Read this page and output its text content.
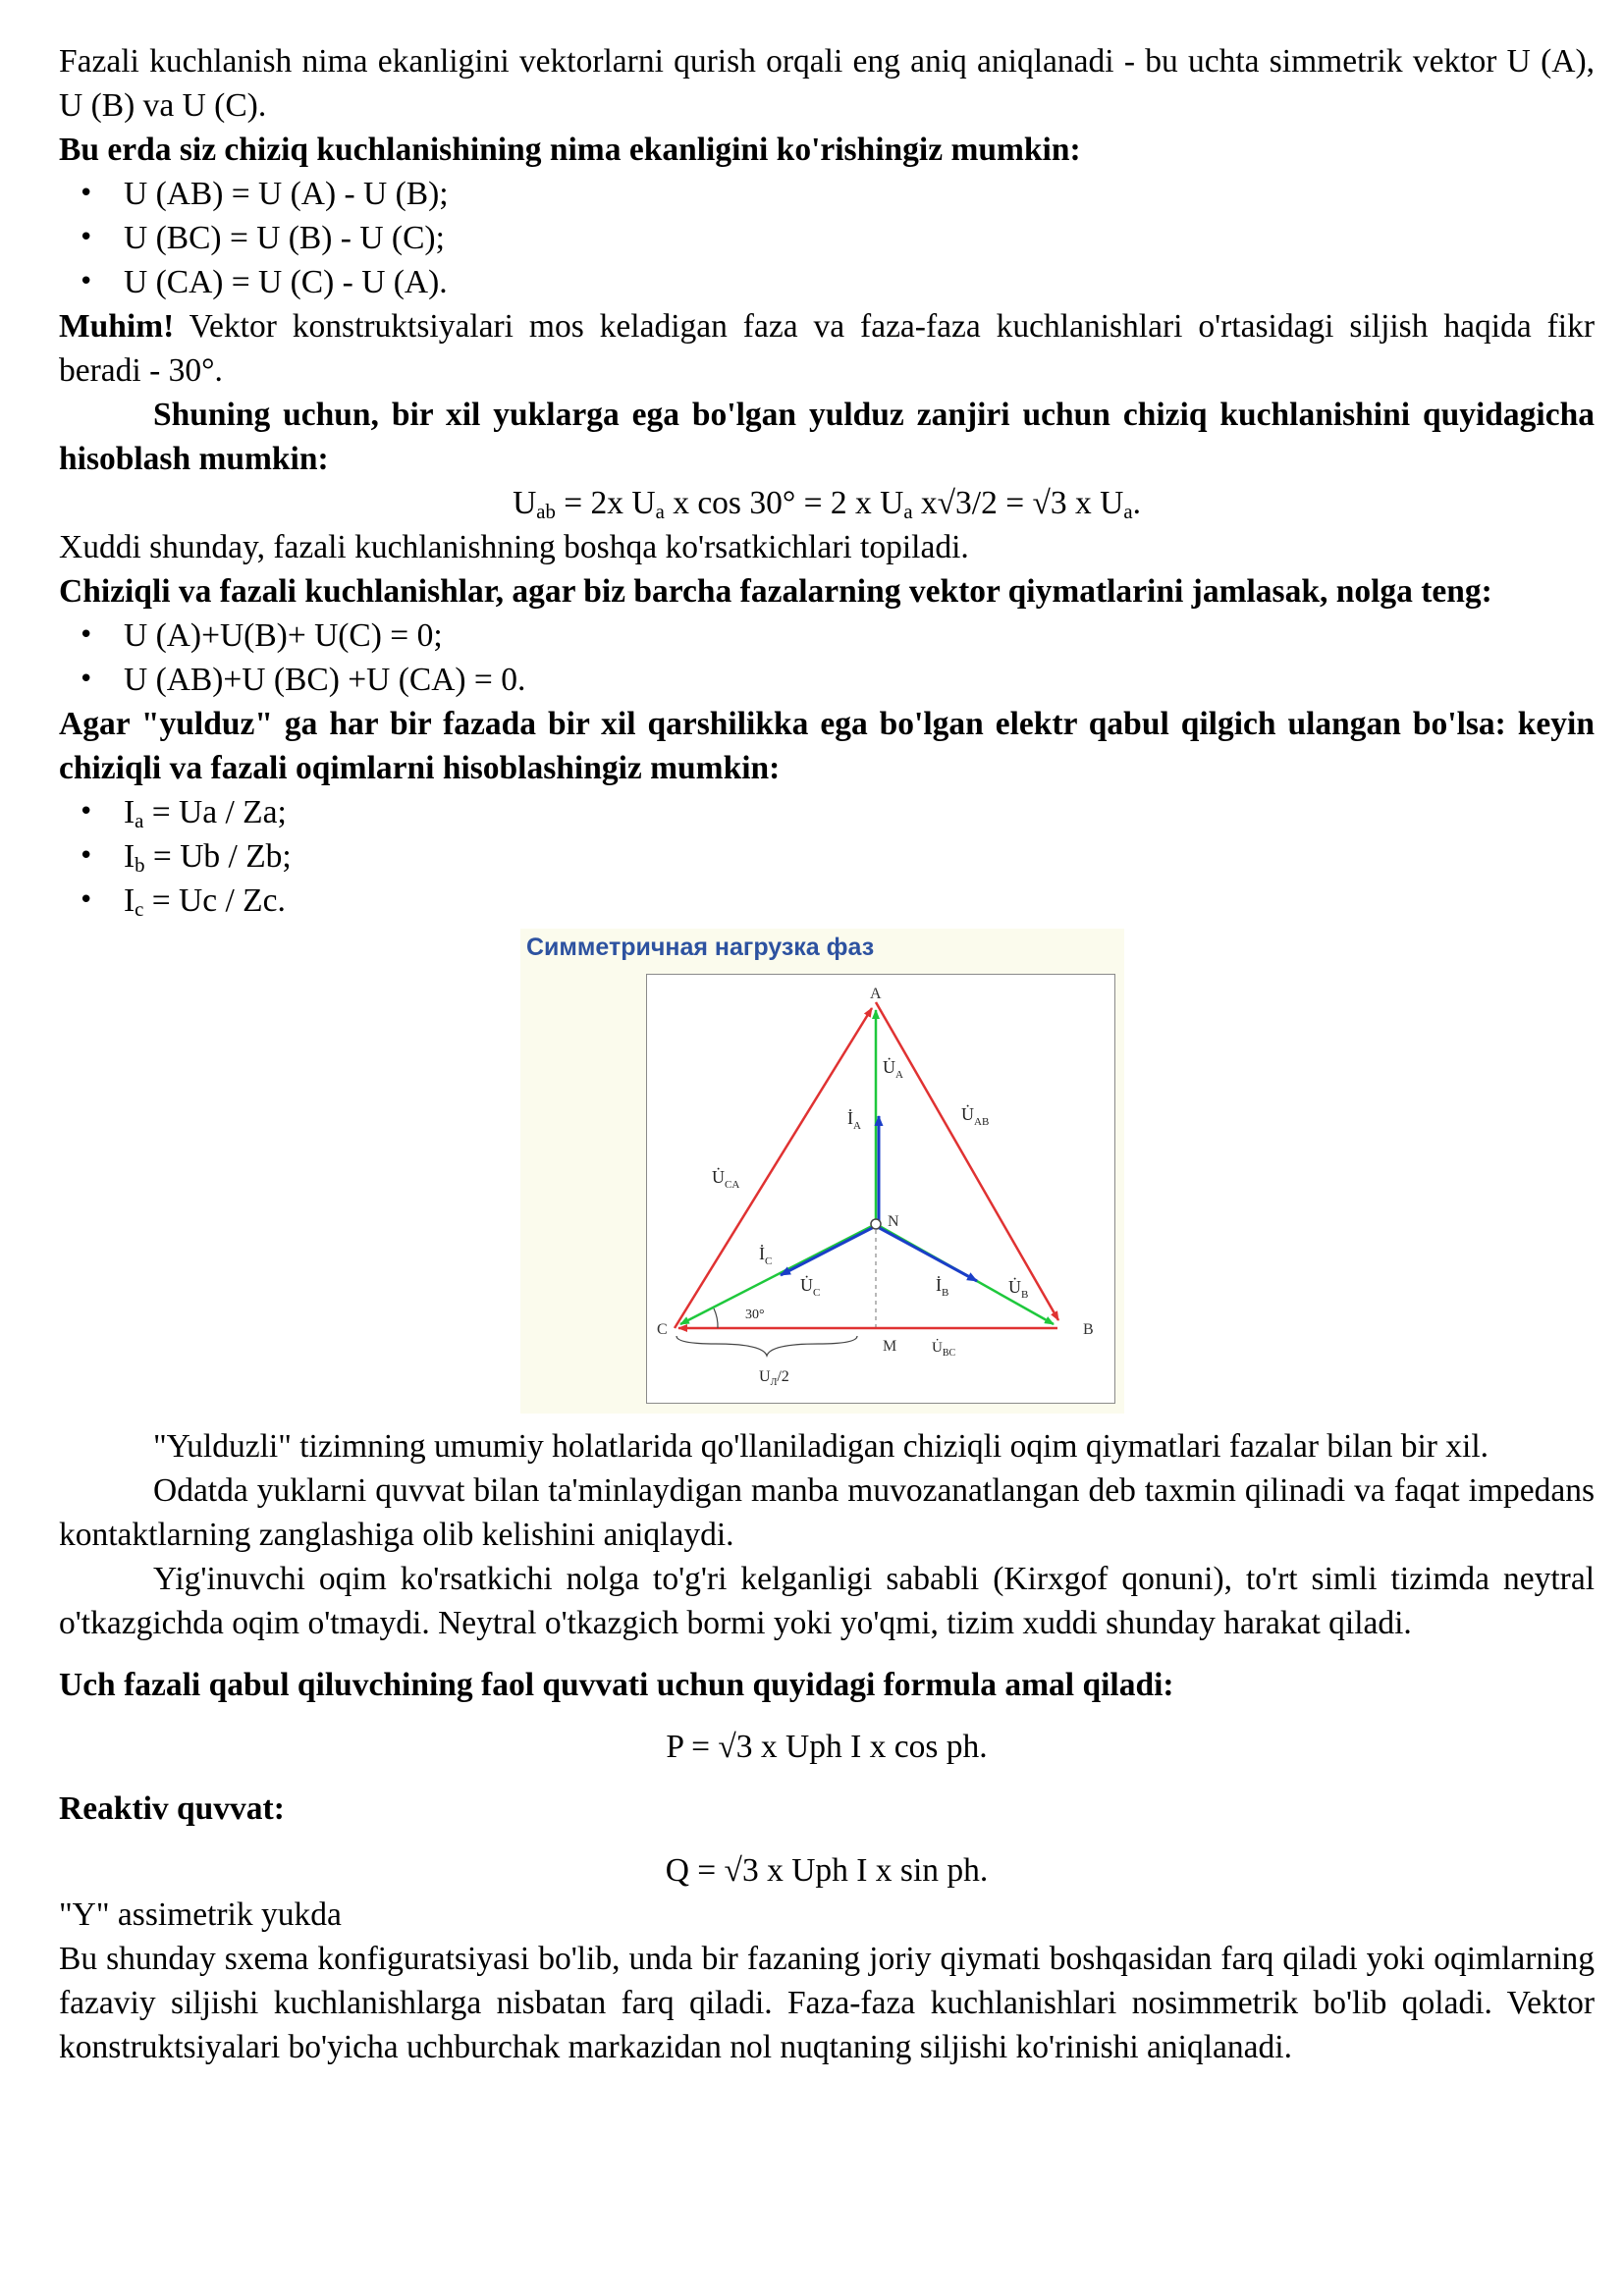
Fazali kuchlanish nima ekanligini vektorlarni qurish orqali eng aniq aniqlanadi - bu uchta simmetrik vektor U (A), U (B) va U (C).

Bu erda siz chiziq kuchlanishining nima ekanligini ko'rishingiz mumkin:

• U (AB) = U (A) - U (B);
• U (BC) = U (B) - U (C);
• U (CA) = U (C) - U (A).

Muhim! Vektor konstruktsiyalari mos keladigan faza va faza-faza kuchlanishlari o'rtasidagi siljish haqida fikr beradi - 30°.

Shuning uchun, bir xil yuklarga ega bo'lgan yulduz zanjiri uchun chiziq kuchlanishini quyidagicha hisoblash mumkin:

$U_{ab} = 2x$ $U_a$ x cos 30° = 2 x $U_a$ x√3/2 = √3 x $U_a$.

Xuddi shunday, fazali kuchlanishning boshqa ko'rsatkichlari topiladi.

Chiziqli va fazali kuchlanishlar, agar biz barcha fazalarning vektor qiymatlarini jamlasak, nolga teng:

• U (A)+U(B)+ U(C) = 0;
• U (AB)+U (BC) +U (CA) = 0.

Agar "yulduz" ga har bir fazada bir xil qarshilikka ega bo'lgan elektr qabul qilgich ulangan bo'lsa: keyin chiziqli va fazali oqimlarni hisoblashingiz mumkin:

• $I_a = Ua / Za$;
• $I_b = Ub / Zb$;
• $I_c = Uc / Zc$.
Симметричная нагрузка фаз
A
B
C
N
M
$U̇_A$
$İ_A$
$U̇_{AB}$
$U̇_{CA}$
$İ_C$
$U̇_C$	$İ_B$	$U̇_B$
$U̇_{BC}$
30°
$U_Л/2$

"Yulduzli" tizimning umumiy holatlarida qo'llaniladigan chiziqli oqim qiymatlari fazalar bilan bir xil.

Odatda yuklarni quvvat bilan ta'minlaydigan manba muvozanatlangan deb taxmin qilinadi va faqat impedans kontaktlarning zanglashiga olib kelishini aniqlaydi.

Yig'inuvchi oqim ko'rsatkichi nolga to'g'ri kelganligi sababli (Kirxgof qonuni), to'rt simli tizimda neytral o'tkazgichda oqim o'tmaydi. Neytral o'tkazgich bormi yoki yo'qmi, tizim xuddi shunday harakat qiladi.

Uch fazali qabul qiluvchining faol quvvati uchun quyidagi formula amal qiladi:

P = √3 x Uph I x cos ph.

Reaktiv quvvat:

Q = √3 x Uph I x sin ph.

"Y" assimetrik yukda

Bu shunday sxema konfiguratsiyasi bo'lib, unda bir fazaning joriy qiymati boshqasidan farq qiladi yoki oqimlarning fazaviy siljishi kuchlanishlarga nisbatan farq qiladi. Faza-faza kuchlanishlari nosimmetrik bo'lib qoladi. Vektor konstruktsiyalari bo'yicha uchburchak markazidan nol nuqtaning siljishi ko'rinishi aniqlanadi.
